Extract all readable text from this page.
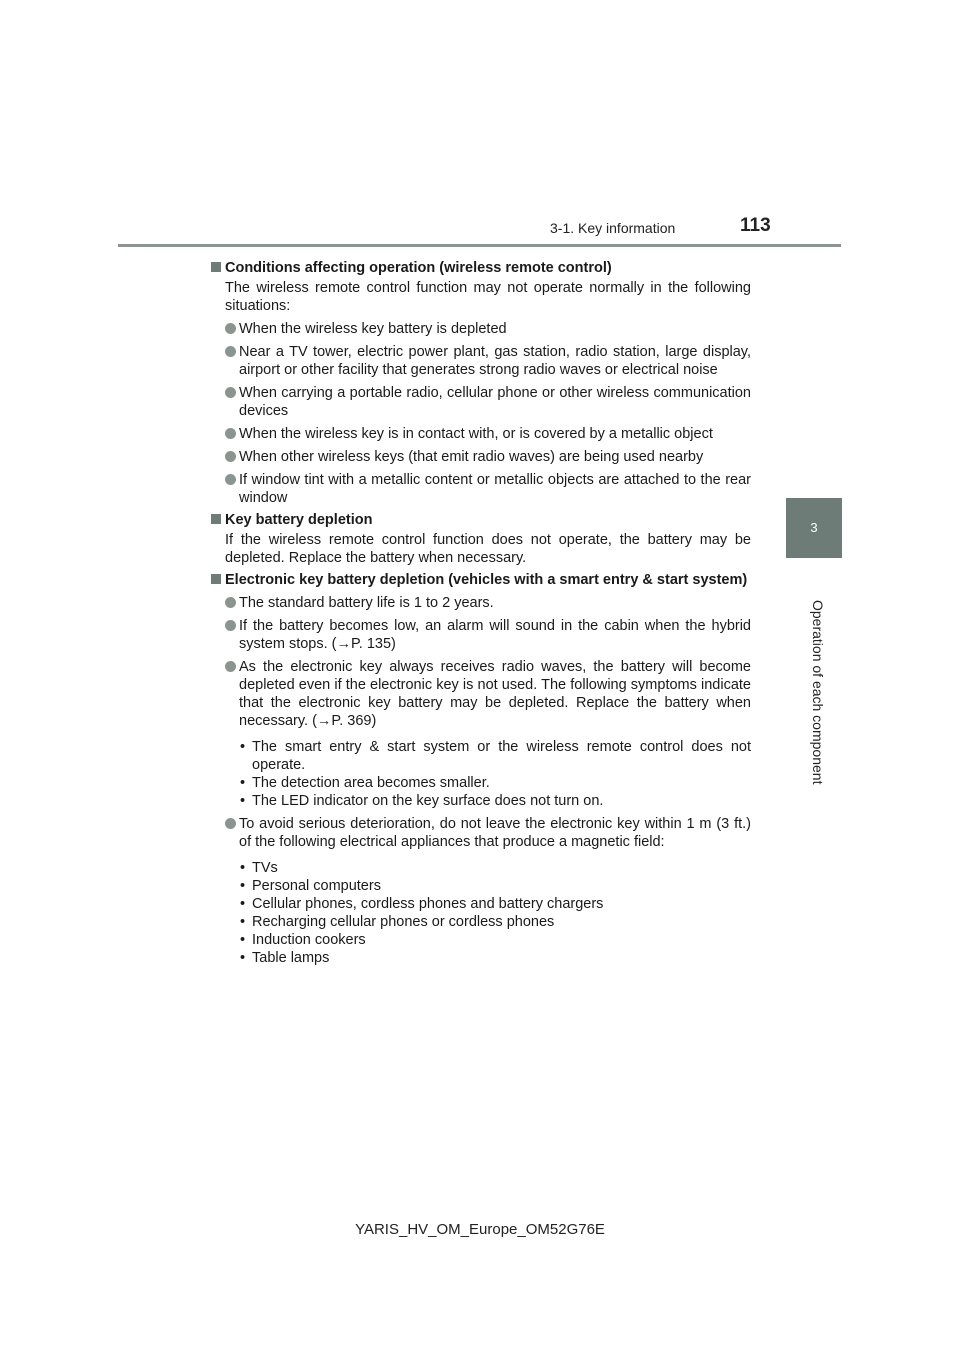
3-1. Key information	113
3
Operation of each component
Conditions affecting operation (wireless remote control)
The wireless remote control function may not operate normally in the following situations:
When the wireless key battery is depleted
Near a TV tower, electric power plant, gas station, radio station, large display, airport or other facility that generates strong radio waves or electrical noise
When carrying a portable radio, cellular phone or other wireless communication devices
When the wireless key is in contact with, or is covered by a metallic object
When other wireless keys (that emit radio waves) are being used nearby
If window tint with a metallic content or metallic objects are attached to the rear window
Key battery depletion
If the wireless remote control function does not operate, the battery may be depleted. Replace the battery when necessary.
Electronic key battery depletion (vehicles with a smart entry & start system)
The standard battery life is 1 to 2 years.
If the battery becomes low, an alarm will sound in the cabin when the hybrid system stops. (→P. 135)
As the electronic key always receives radio waves, the battery will become depleted even if the electronic key is not used. The following symptoms indicate that the electronic key battery may be depleted. Replace the battery when necessary. (→P. 369)
• The smart entry & start system or the wireless remote control does not operate.
• The detection area becomes smaller.
• The LED indicator on the key surface does not turn on.
To avoid serious deterioration, do not leave the electronic key within 1 m (3 ft.) of the following electrical appliances that produce a magnetic field:
• TVs
• Personal computers
• Cellular phones, cordless phones and battery chargers
• Recharging cellular phones or cordless phones
• Induction cookers
• Table lamps
YARIS_HV_OM_Europe_OM52G76E
